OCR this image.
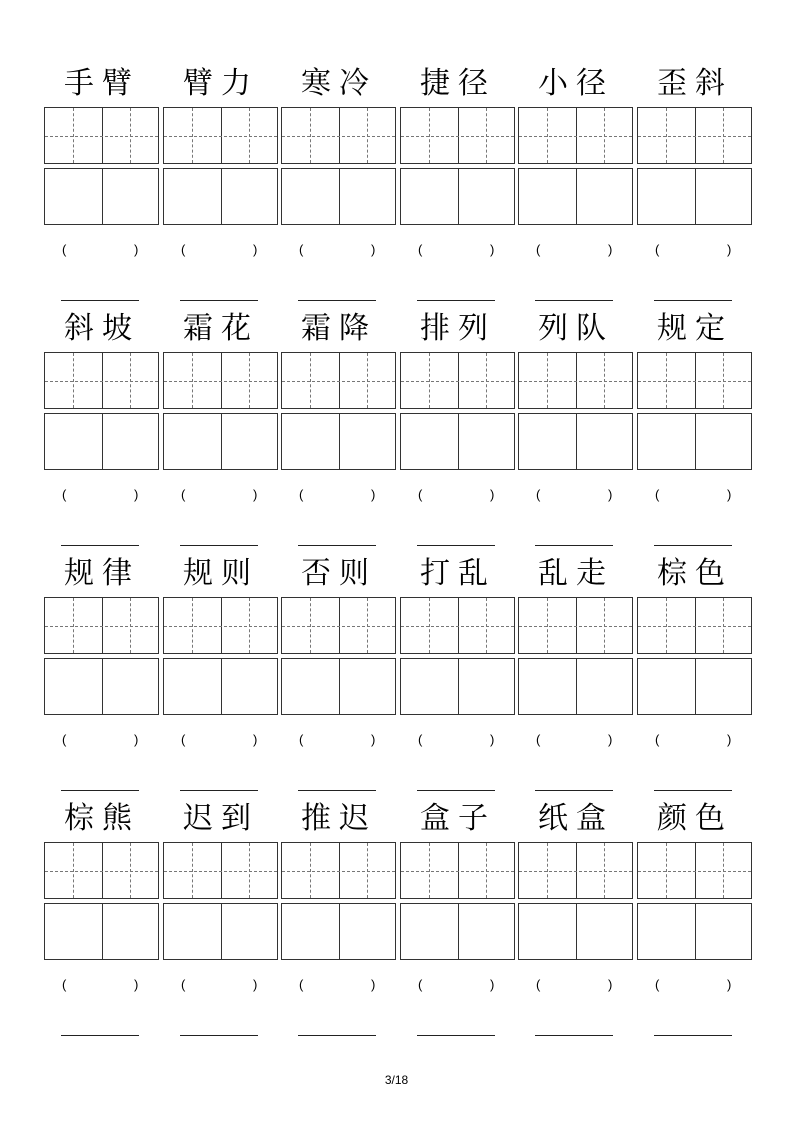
手臂
(	)
臂力
(	)
寒冷
(	)
捷径
(	)
小径
(	)
歪斜
(	)
斜坡
(	)
霜花
(	)
霜降
(	)
排列
(	)
列队
(	)
规定
(	)
规律
(	)
规则
(	)
否则
(	)
打乱
(	)
乱走
(	)
棕色
(	)
棕熊
(	)
迟到
(	)
推迟
(	)
盒子
(	)
纸盒
(	)
颜色
(	)
3/18
